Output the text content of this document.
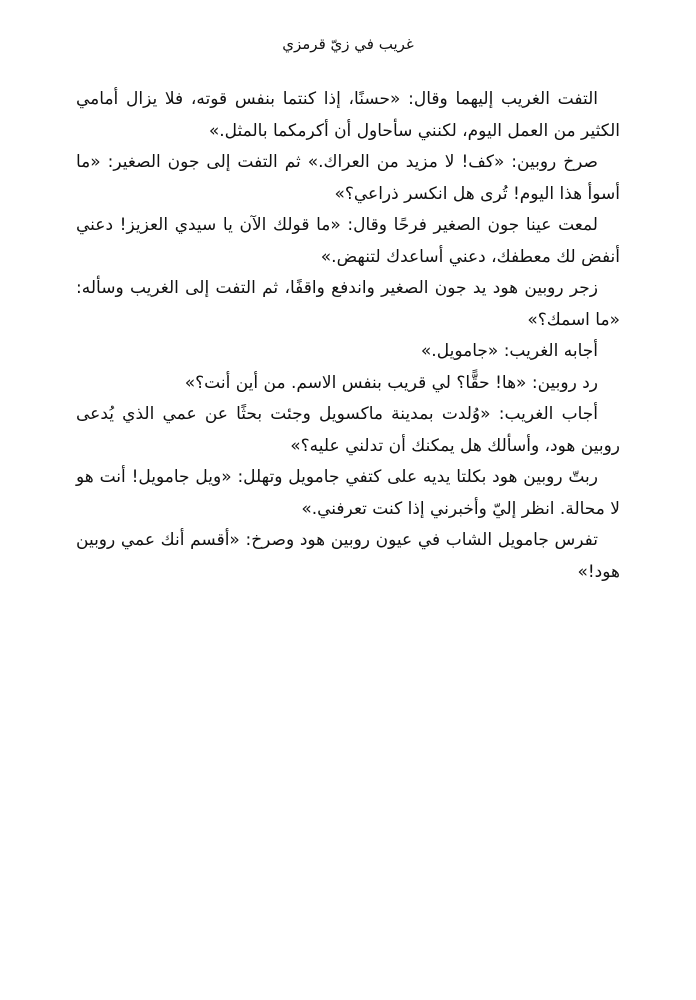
غريب في زيّ قرمزي

التفت الغريب إليهما وقال: «حسنًا، إذا كنتما بنفس قوته، فلا يزال أمامي الكثير من العمل اليوم، لكنني سأحاول أن أكرمكما بالمثل.»

صرخ روبين: «كف! لا مزيد من العراك.» ثم التفت إلى جون الصغير: «ما أسوأ هذا اليوم! تُرى هل انكسر ذراعي؟»

لمعت عينا جون الصغير فرحًا وقال: «ما قولك الآن يا سيدي العزيز! دعني أنفض لك معطفك، دعني أساعدك لتنهض.»

زجر روبين هود يد جون الصغير واندفع واقفًا، ثم التفت إلى الغريب وسأله: «ما اسمك؟»

أجابه الغريب: «جامويل.»

رد روبين: «ها! حقًّا؟ لي قريب بنفس الاسم. من أين أنت؟»

أجاب الغريب: «وُلدت بمدينة ماكسويل وجئت بحثًا عن عمي الذي يُدعى روبين هود، وأسألك هل يمكنك أن تدلني عليه؟»

ربتّ روبين هود بكلتا يديه على كتفي جامويل وتهلل: «ويل جامويل! أنت هو لا محالة. انظر إليّ وأخبرني إذا كنت تعرفني.»

تفرس جامويل الشاب في عيون روبين هود وصرخ: «أقسم أنك عمي روبين هود!»
